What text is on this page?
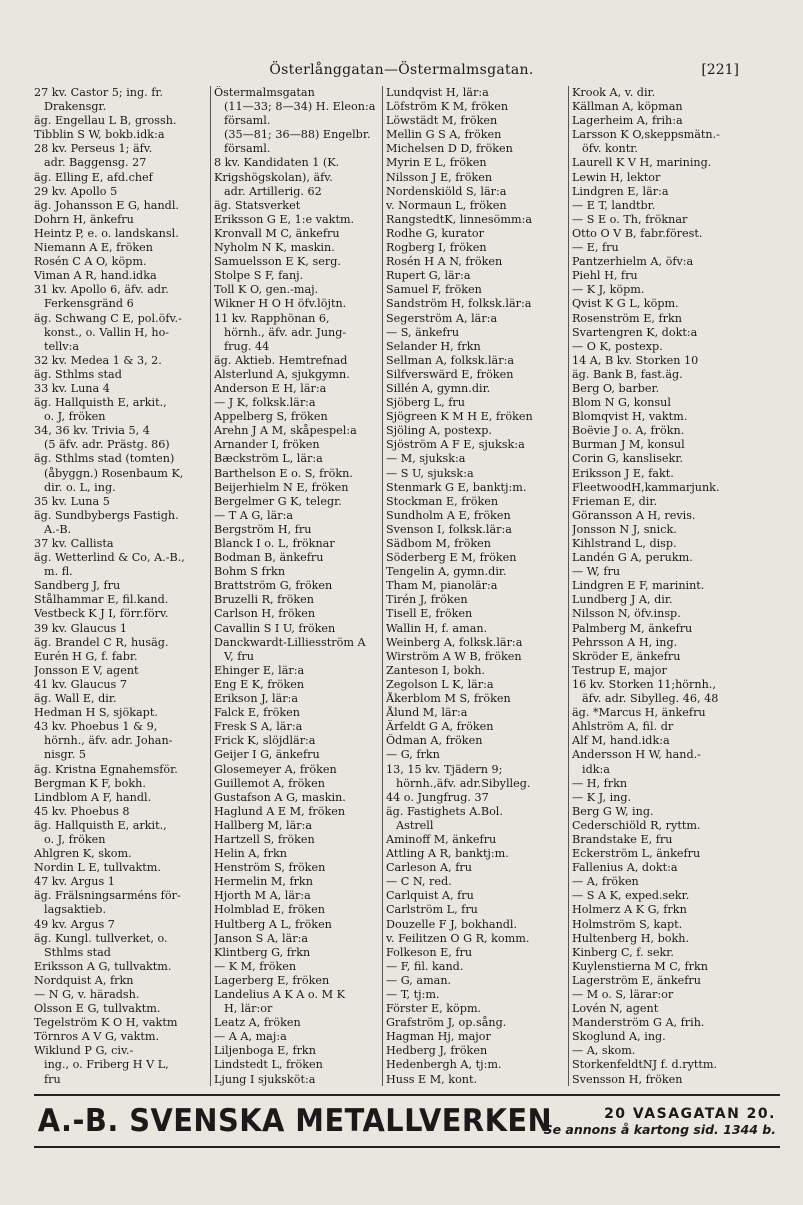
Österlånggatan—Östermalmsgatan.	[221]
27 kv. Castor 5; ing. fr.
Drakensgr.
äg. Engellau L B, grossh.
Tibblin S W, bokb.idk:a
28 kv. Perseus 1; äfv.
adr. Baggensg. 27
äg. Elling E, afd.chef
29 kv. Apollo 5
äg. Johansson E G, handl.
Dohrn H, änkefru
Heintz P, e. o. landskansl.
Niemann A E, fröken
Rosén C A O, köpm.
Viman A R, hand.idka
31 kv. Apollo 6, äfv. adr.
Ferkensgränd 6
äg. Schwang C E, pol.öfv.-
konst., o. Vallin H, ho-
tellv:a
32 kv. Medea 1 & 3, 2.
äg. Sthlms stad
33 kv. Luna 4
äg. Hallquisth E, arkit.,
o. J, fröken
34, 36 kv. Trivia 5, 4
(5 äfv. adr. Prästg. 86)
äg. Sthlms stad (tomten)
(åbyggn.) Rosenbaum K,
dir. o. L, ing.
35 kv. Luna 5
äg. Sundbybergs Fastigh.
A.-B.
37 kv. Callista
äg. Wetterlind & Co, A.-B.,
m. fl.
Sandberg J, fru
Stålhammar E, fil.kand.
Vestbeck K J I, förr.förv.
39 kv. Glaucus 1
äg. Brandel C R, husäg.
Eurén H G, f. fabr.
Jonsson E V, agent
41 kv. Glaucus 7
äg. Wall E, dir.
Hedman H S, sjökapt.
43 kv. Phoebus 1 & 9,
hörnh., äfv. adr. Johan-
nisgr. 5
äg. Kristna Egnahemsför.
Bergman K F, bokh.
Lindblom A F, handl.
45 kv. Phoebus 8
äg. Hallquisth E, arkit.,
o. J, fröken
Ahlgren K, skom.
Nordin L E, tullvaktm.
47 kv. Argus 1
äg. Frälsningsarméns för-
lagsaktieb.
49 kv. Argus 7
äg. Kungl. tullverket, o.
Sthlms stad
Eriksson A G, tullvaktm.
Nordquist A, frkn
— N G, v. häradsh.
Olsson E G, tullvaktm.
Tegelström K O H, vaktm
Törnros A V G, vaktm.
Wiklund P G, civ.-
ing., o. Friberg H V L,
fru
Östermalmsgatan
(11—33; 8—34) H. Eleon:a
församl.
(35—81; 36—88) Engelbr.
församl.
8 kv. Kandidaten 1 (K.
Krigshögskolan), äfv.
adr. Artillerig. 62
äg. Statsverket
Eriksson G E, 1:e vaktm.
Kronvall M C, änkefru
Nyholm N K, maskin.
Samuelsson E K, serg.
Stolpe S F, fanj.
Toll K O, gen.-maj.
Wikner H O H öfv.löjtn.
11 kv. Rapphönan 6,
hörnh., äfv. adr. Jung-
frug. 44
äg. Aktieb. Hemtrefnad
Alsterlund A, sjukgymn.
Anderson E H, lär:a
— J K, folksk.lär:a
Appelberg S, fröken
Arehn J A M, skåpespel:a
Arnander I, fröken
Bæckström L, lär:a
Barthelson E o. S, frökn.
Beijerhielm N E, fröken
Bergelmer G K, telegr.
— T A G, lär:a
Bergström H, fru
Blanck I o. L, fröknar
Bodman B, änkefru
Bohm S frkn
Brattström G, fröken
Bruzelli R, fröken
Carlson H, fröken
Cavallin S I U, fröken
Danckwardt-Lilliesström A
V, fru
Ehinger E, lär:a
Eng E K, fröken
Erikson J, lär:a
Falck E, fröken
Fresk S A, lär:a
Frick K, slöjdlär:a
Geijer I G, änkefru
Glosemeyer A, fröken
Guillemot A, fröken
Gustafson A G, maskin.
Haglund A E M, fröken
Hallberg M, lär:a
Hartzell S, fröken
Helin A, frkn
Henström S, fröken
Hermelin M, frkn
Hjorth M A, lär:a
Holmblad E, fröken
Hultberg A L, fröken
Janson S A, lär:a
Klintberg G, frkn
— K M, fröken
Lagerberg E, fröken
Landelius A K A o. M K
H, lär:or
Leatz A, fröken
— A A, maj:a
Liljenboga E, frkn
Lindstedt L, fröken
Ljung I sjuksköt:a
Lundqvist H, lär:a
Löfström K M, fröken
Löwstädt M, fröken
Mellin G S A, fröken
Michelsen D D, fröken
Myrin E L, fröken
Nilsson J E, fröken
Nordenskiöld S, lär:a
v. Normaun L, fröken
RangstedtK, linnesömm:a
Rodhe G, kurator
Rogberg I, fröken
Rosén H A N, fröken
Rupert G, lär:a
Samuel F, fröken
Sandström H, folksk.lär:a
Segerström A, lär:a
— S, änkefru
Selander H, frkn
Sellman A, folksk.lär:a
Silfverswärd E, fröken
Sillén A, gymn.dir.
Sjöberg L, fru
Sjögreen K M H E, fröken
Sjöling A, postexp.
Sjöström A F E, sjuksk:a
— M, sjuksk:a
— S U, sjuksk:a
Stenmark G E, banktj:m.
Stockman E, fröken
Sundholm A E, fröken
Svenson I, folksk.lär:a
Sädbom M, fröken
Söderberg E M, fröken
Tengelin A, gymn.dir.
Tham M, pianolär:a
Tirén J, fröken
Tisell E, fröken
Wallin H, f. aman.
Weinberg A, folksk.lär:a
Wirström A W B, fröken
Zanteson I, bokh.
Zegolson L K, lär:a
Åkerblom M S, fröken
Ålund M, lär:a
Ärfeldt G A, fröken
Ödman A, fröken
— G, frkn
13, 15 kv. Tjädern 9;
hörnh.,äfv. adr.Sibylleg.
44 o. Jungfrug. 37
äg. Fastighets A.Bol.
Astrell
Aminoff M, änkefru
Attling A R, banktj:m.
Carleson A, fru
— C N, red.
Carlquist A, fru
Carlström L, fru
Douzelle F J, bokhandl.
v. Feilitzen O G R, komm.
Folkeson E, fru
— F, fil. kand.
— G, aman.
— T, tj:m.
Förster E, köpm.
Grafström J, op.sång.
Hagman Hj, major
Hedberg J, fröken
Hedenbergh A, tj:m.
Huss E M, kont.
Krook A, v. dir.
Källman A, köpman
Lagerheim A, frih:a
Larsson K O,skeppsmätn.-
öfv. kontr.
Laurell K V H, marining.
Lewin H, lektor
Lindgren E, lär:a
— E T, landtbr.
— S E o. Th, fröknar
Otto O V B, fabr.förest.
— E, fru
Pantzerhielm A, öfv:a
Piehl H, fru
— K J, köpm.
Qvist K G L, köpm.
Rosenström E, frkn
Svartengren K, dokt:a
— O K, postexp.
14 A, B kv. Storken 10
äg. Bank B, fast.äg.
Berg O, barber.
Blom N G, konsul
Blomqvist H, vaktm.
Boëvie J o. A, frökn.
Burman J M, konsul
Corin G, kanslisekr.
Eriksson J E, fakt.
FleetwoodH,kammarjunk.
Frieman E, dir.
Göransson A H, revis.
Jonsson N J, snick.
Kihlstrand L, disp.
Landén G A, perukm.
— W, fru
Lindgren E F, marinint.
Lundberg J A, dir.
Nilsson N, öfv.insp.
Palmberg M, änkefru
Pehrsson A H, ing.
Skröder E, änkefru
Testrup E, major
16 kv. Storken 11;hörnh.,
äfv. adr. Sibylleg. 46, 48
äg. *Marcus H, änkefru
Ahlström A, fil. dr
Alf M, hand.idk:a
Andersson H W, hand.-
idk:a
— H, frkn
— K J, ing.
Berg G W, ing.
Cederschiöld R, ryttm.
Brandstake E, fru
Eckerström L, änkefru
Fallenius A, dokt:a
— A, fröken
— S A K, exped.sekr.
Holmerz A K G, frkn
Holmström S, kapt.
Hultenberg H, bokh.
Kinberg C, f. sekr.
Kuylenstierna M C, frkn
Lagerström E, änkefru
— M o. S, lärar:or
Lovén N, agent
Manderström G A, frih.
Skoglund A, ing.
— A, skom.
StorkenfeldtNJ f. d.ryttm.
Svensson H, fröken
A.-B. SVENSKA METALLVERKEN	20 VASAGATAN 20.
Se annons å kartong sid. 1344 b.
